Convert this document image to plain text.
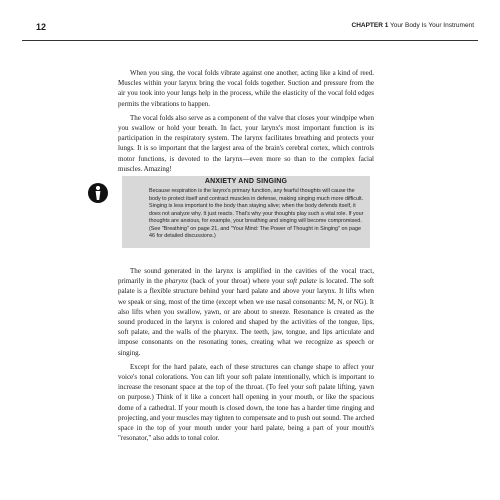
12	CHAPTER 1 Your Body Is Your Instrument

When you sing, the vocal folds vibrate against one another, acting like a kind of reed. Muscles within your larynx bring the vocal folds together. Suction and pressure from the air you took into your lungs help in the process, while the elasticity of the vocal fold edges permits the vibrations to happen.

The vocal folds also serve as a component of the valve that closes your windpipe when you swallow or hold your breath. In fact, your larynx's most important function is its participation in the respiratory system. The larynx facilitates breathing and protects your lungs. It is so important that the largest area of the brain's cerebral cortex, which controls motor functions, is devoted to the larynx—even more so than to the complex facial muscles. Amazing!

ANXIETY AND SINGING
Because respiration is the larynx's primary function, any fearful thoughts will cause the body to protect itself and contract muscles in defense, making singing much more difficult. Singing is less important to the body than staying alive; when the body defends itself, it does not analyze why. It just reacts. That's why your thoughts play such a vital role. If your thoughts are anxious, for example, your breathing and singing will become compromised. (See "Breathing" on page 21, and "Your Mind: The Power of Thought in Singing" on page 46 for detailed discussions.)

The sound generated in the larynx is amplified in the cavities of the vocal tract, primarily in the pharynx (back of your throat) where your soft palate is located. The soft palate is a flexible structure behind your hard palate and above your larynx. It lifts when we speak or sing, most of the time (except when we use nasal consonants: M, N, or NG). It also lifts when you swallow, yawn, or are about to sneeze. Resonance is created as the sound produced in the larynx is colored and shaped by the activities of the tongue, lips, soft palate, and the walls of the pharynx. The teeth, jaw, tongue, and lips articulate and impose consonants on the resonating tones, creating what we recognize as speech or singing.

Except for the hard palate, each of these structures can change shape to affect your voice's tonal colorations. You can lift your soft palate intentionally, which is important to increase the resonant space at the top of the throat. (To feel your soft palate lifting, yawn on purpose.) Think of it like a concert hall opening in your mouth, or like the spacious dome of a cathedral. If your mouth is closed down, the tone has a harder time ringing and projecting, and your muscles may tighten to compensate and to push out sound. The arched space in the top of your mouth under your hard palate, being a part of your mouth's "resonator," also adds to tonal color.
